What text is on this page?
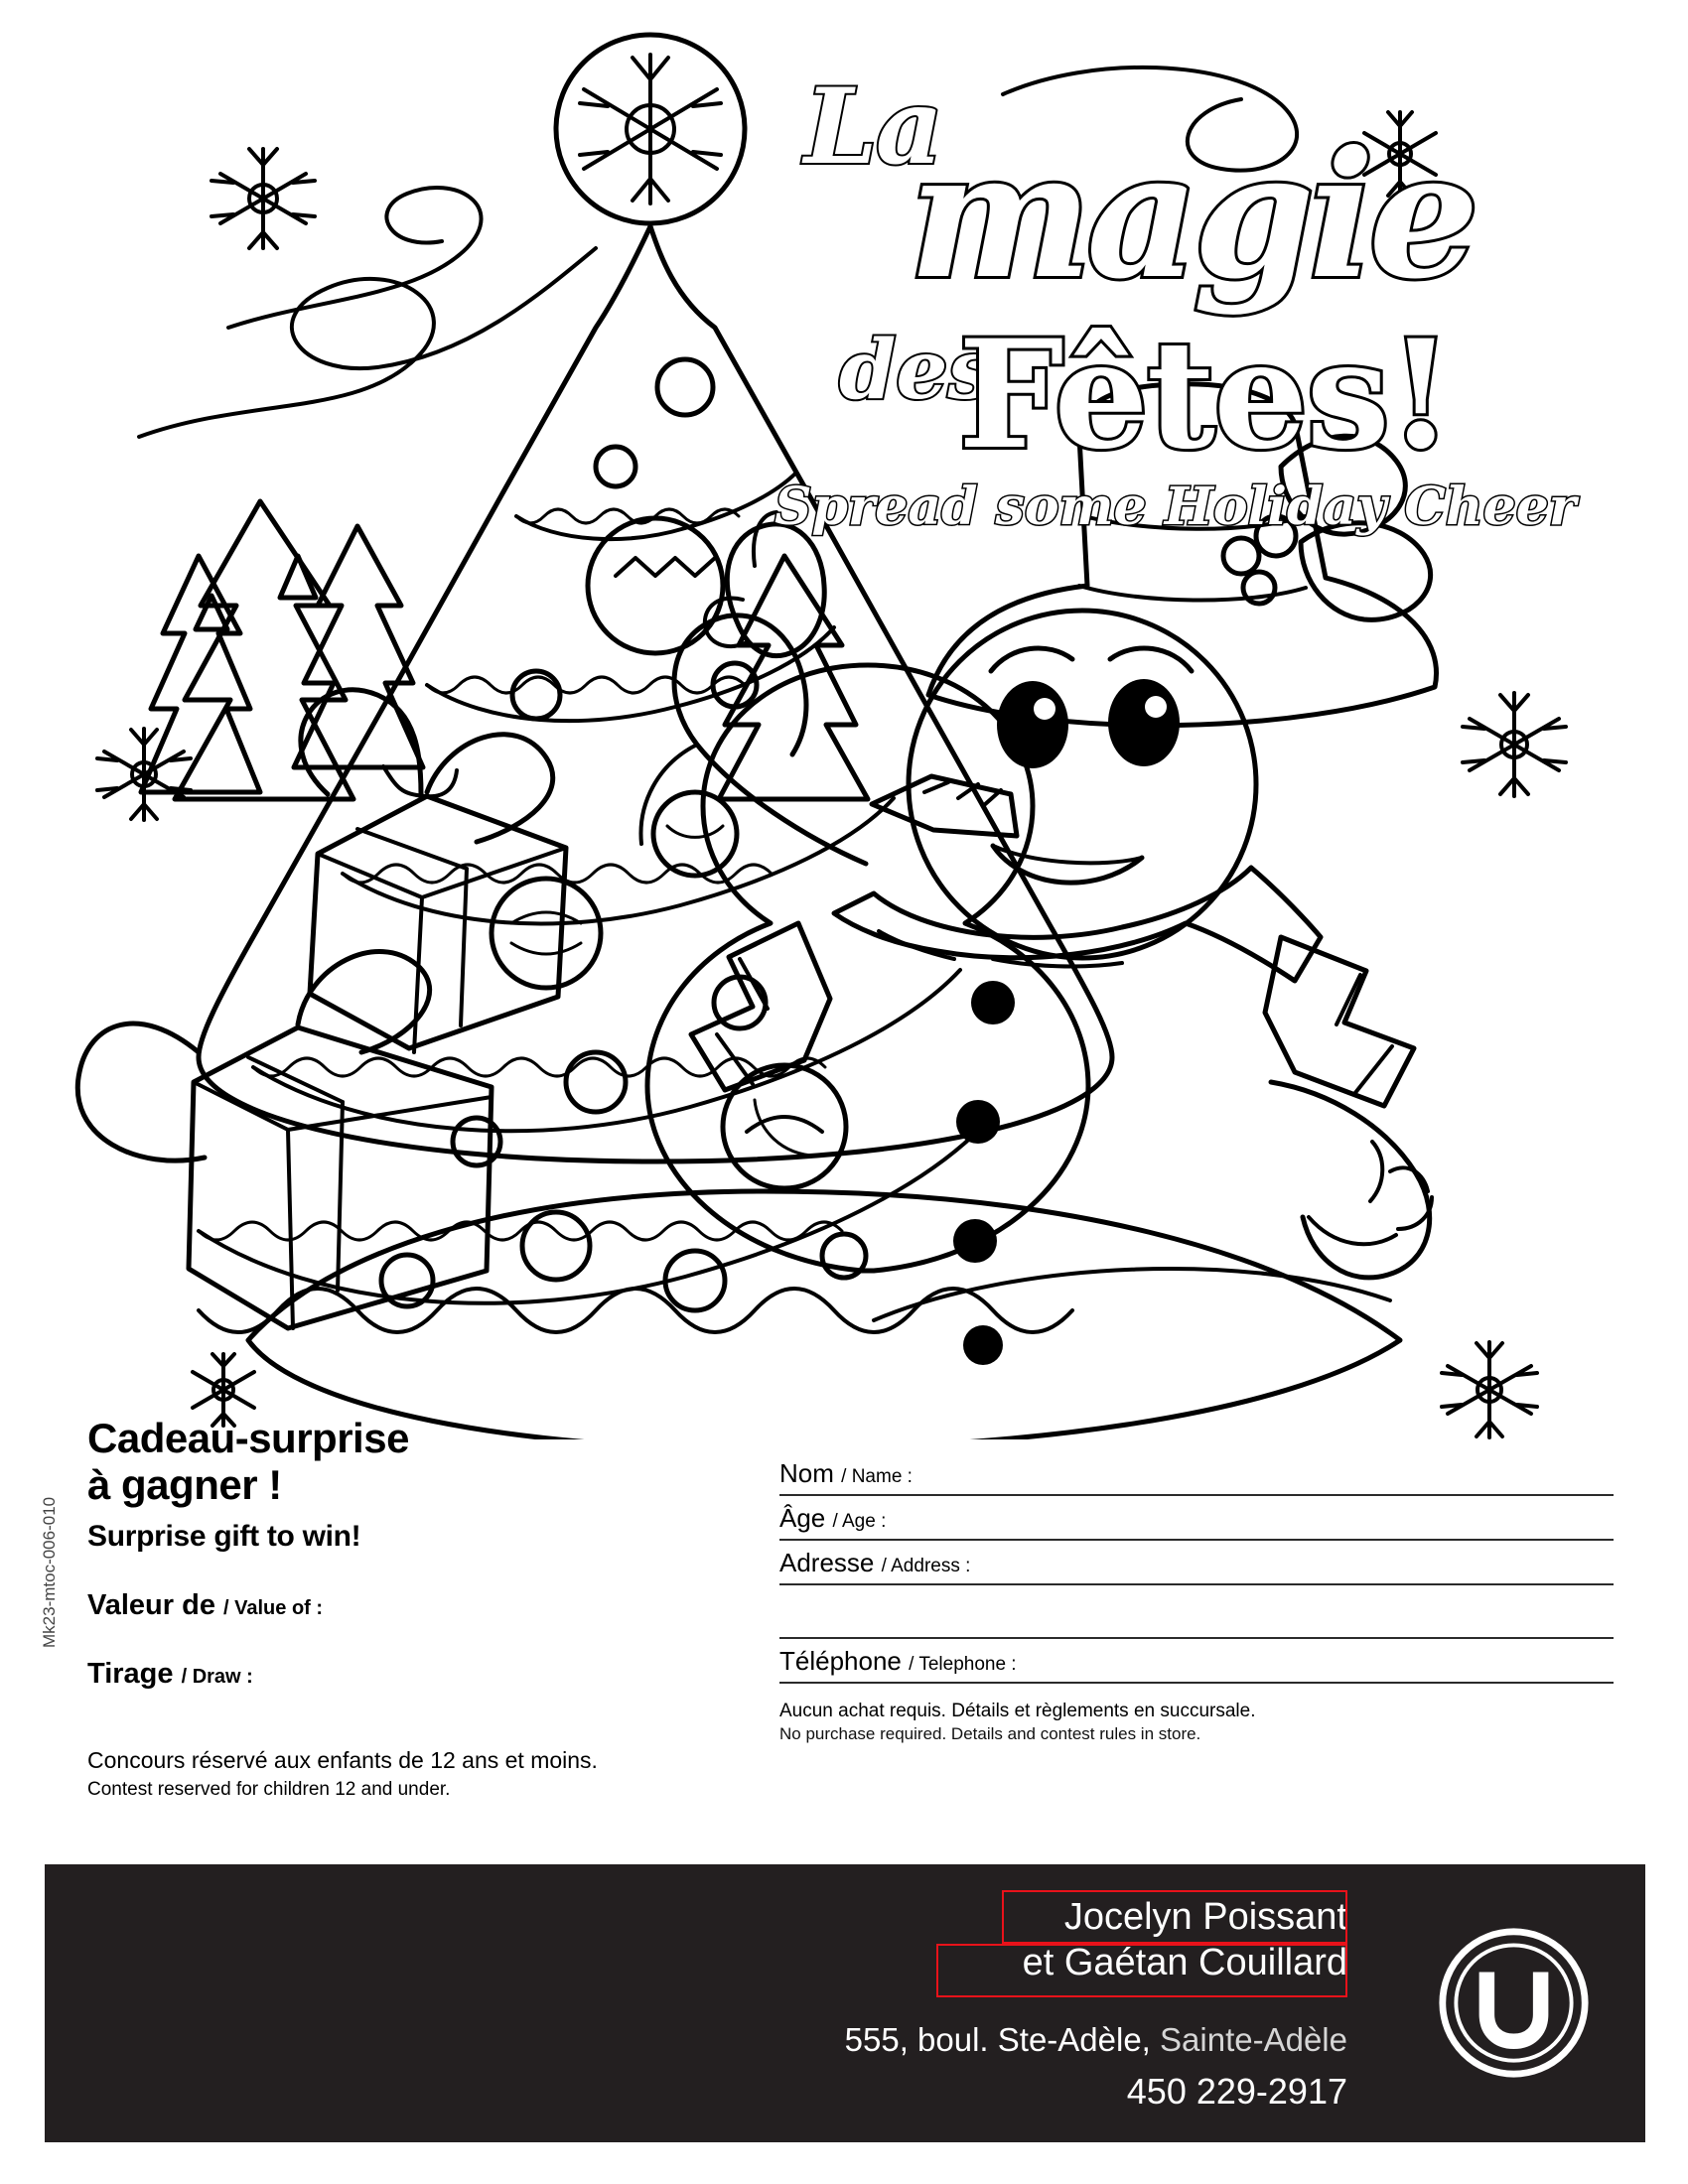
La
magie
des
Fêtes!
Spread some Holiday Cheer
Cadeau-surprise
à gagner !
Surprise gift to win!
Valeur de / Value of :
Tirage / Draw :
Concours réservé aux enfants de 12 ans et moins.
Contest reserved for children 12 and under.
Mk23-mtoc-006-010
Nom / Name :
Âge / Age :
Adresse / Address :
Téléphone / Telephone :
Aucun achat requis. Détails et règlements en succursale.
No purchase required. Details and contest rules in store.
Jocelyn Poissant
et Gaétan Couillard
555, boul. Ste-Adèle, Sainte-Adèle
450 229-2917
